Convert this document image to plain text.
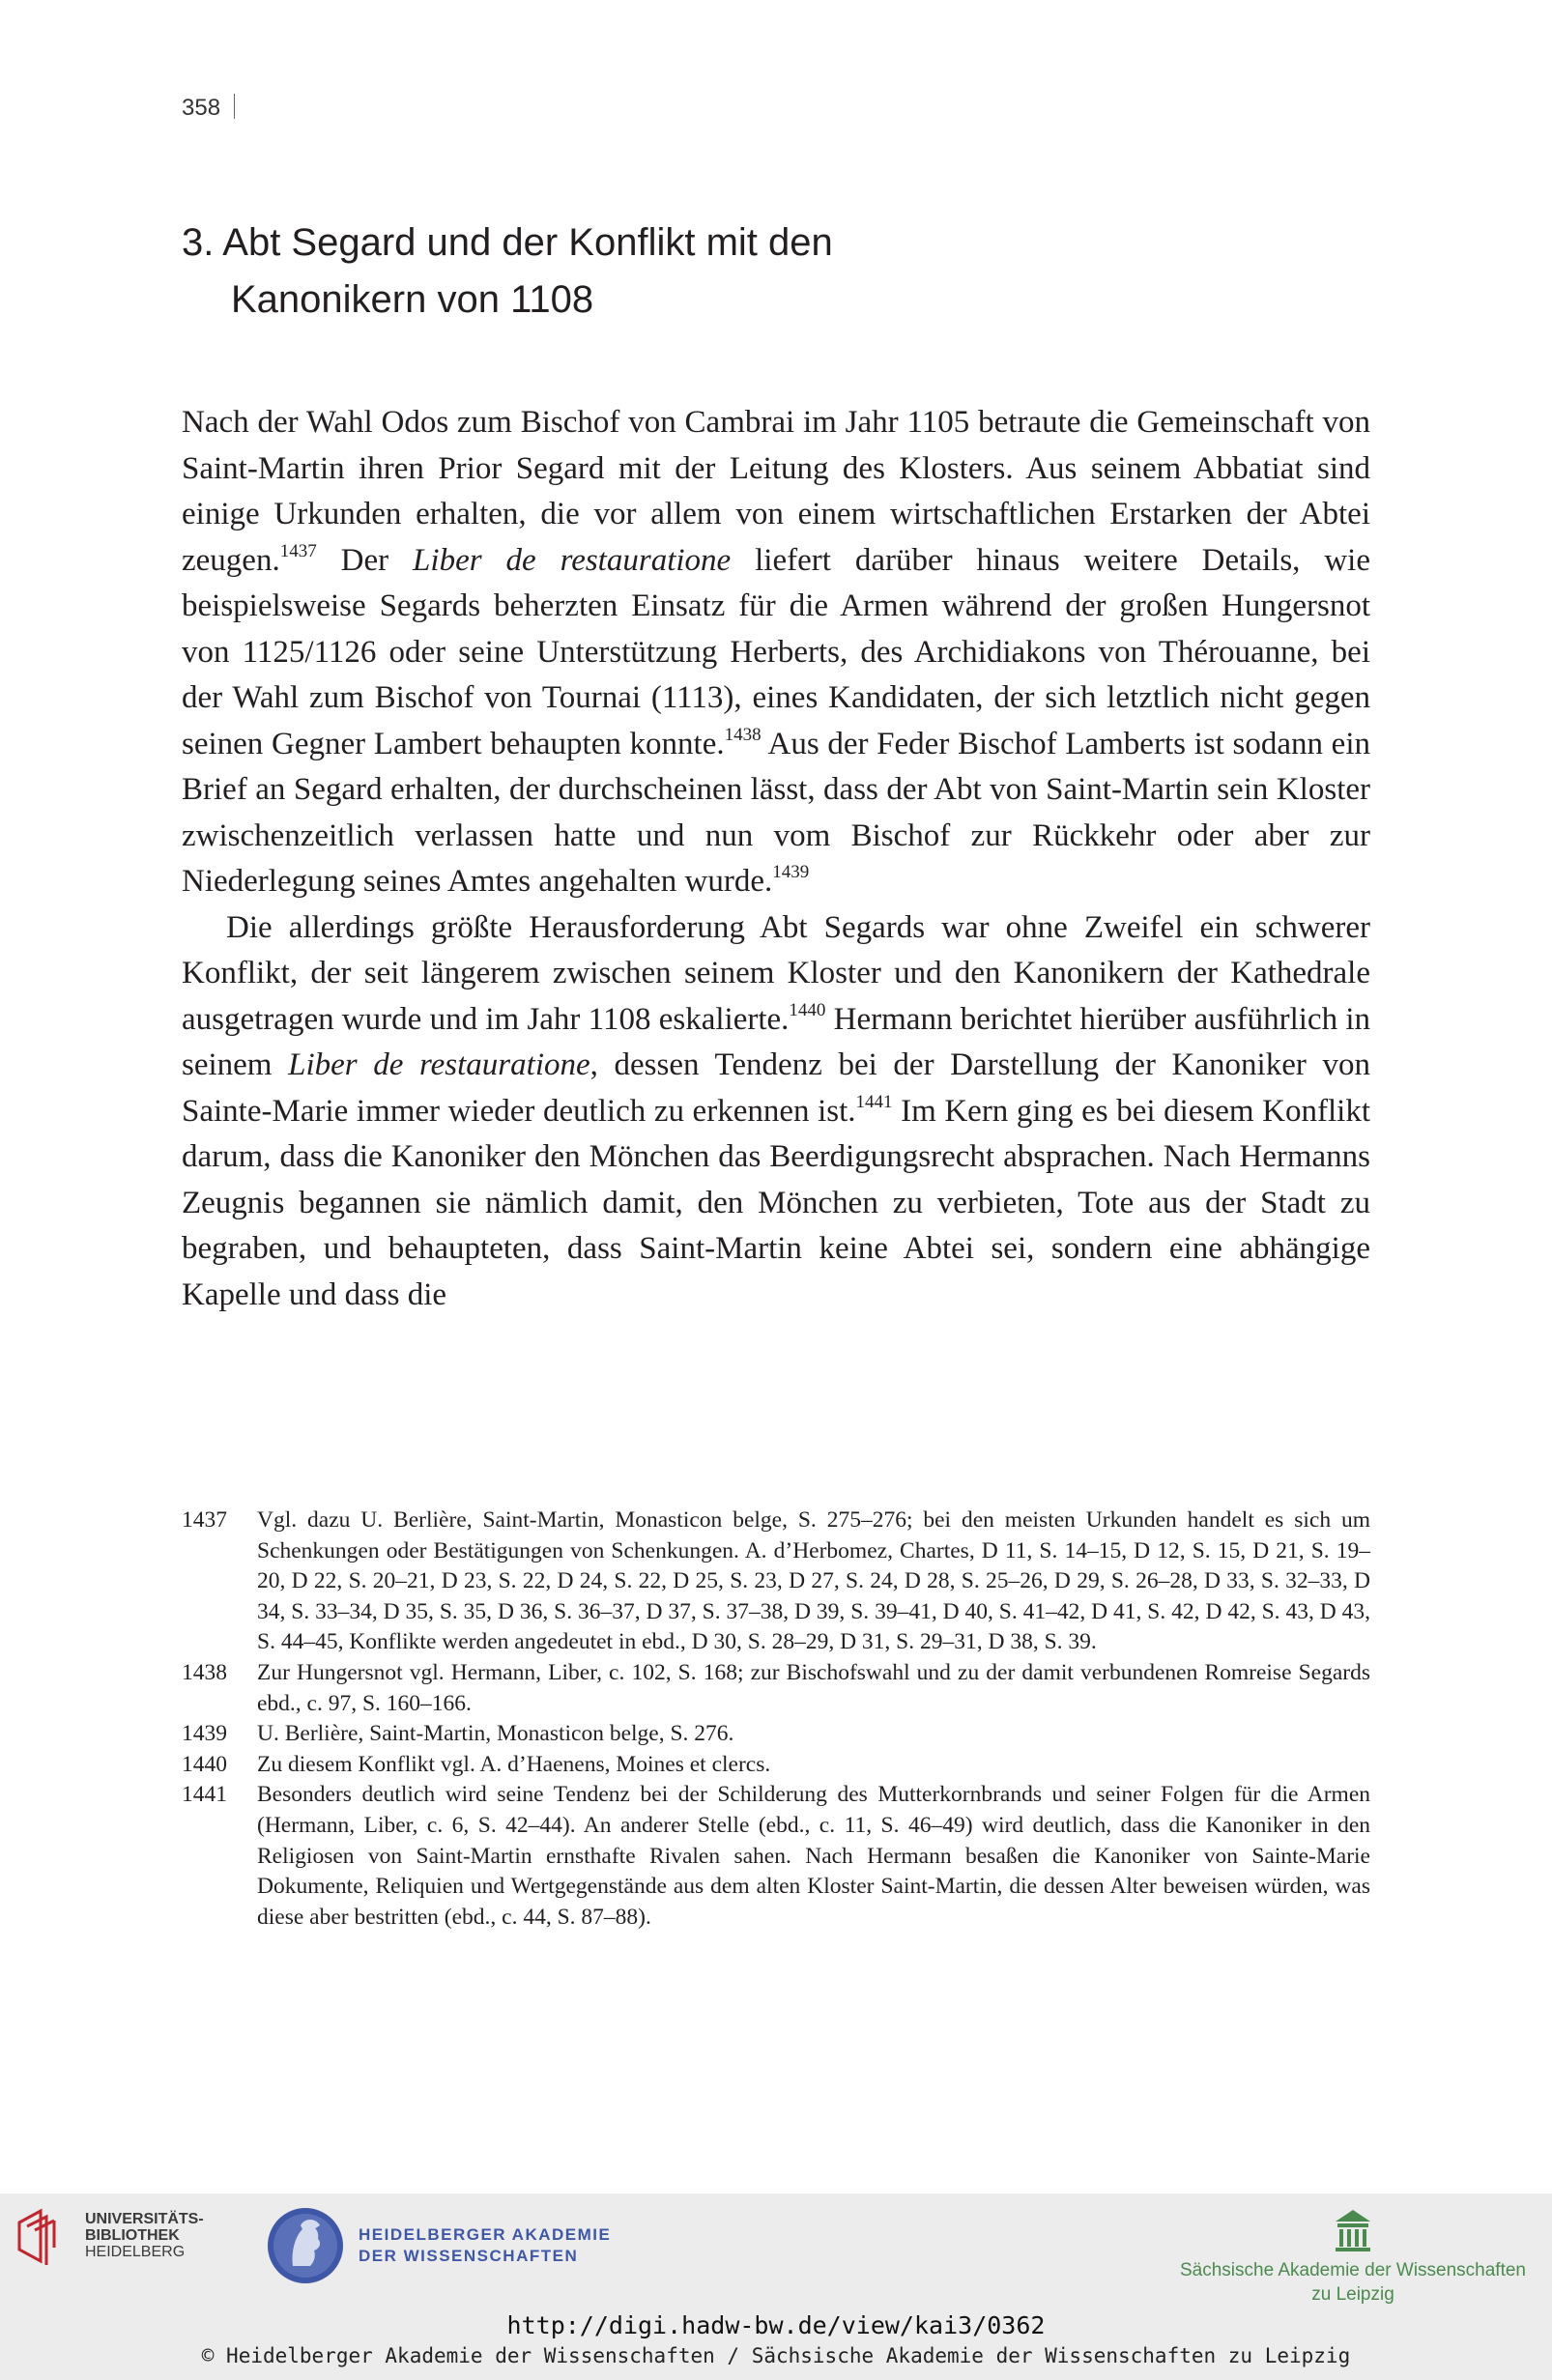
358
3. Abt Segard und der Konflikt mit den
Kanonikern von 1108

Nach der Wahl Odos zum Bischof von Cambrai im Jahr 1105 betraute die Gemeinschaft von Saint-Martin ihren Prior Segard mit der Leitung des Klosters. Aus seinem Abbatiat sind einige Urkunden erhalten, die vor allem von einem wirtschaftlichen Erstarken der Abtei zeugen.$^{1437}$ Der Liber de restauratione liefert darüber hinaus weitere Details, wie beispielsweise Segards beherzten Einsatz für die Armen während der großen Hungersnot von 1125/1126 oder seine Unterstützung Herberts, des Archidiakons von Thérouanne, bei der Wahl zum Bischof von Tournai (1113), eines Kandidaten, der sich letztlich nicht gegen seinen Gegner Lambert behaupten konnte.$^{1438}$ Aus der Feder Bischof Lamberts ist sodann ein Brief an Segard erhalten, der durchscheinen lässt, dass der Abt von Saint-Martin sein Kloster zwischenzeitlich verlassen hatte und nun vom Bischof zur Rückkehr oder aber zur Niederlegung seines Amtes angehalten wurde.$^{1439}$

Die allerdings größte Herausforderung Abt Segards war ohne Zweifel ein schwerer Konflikt, der seit längerem zwischen seinem Kloster und den Kanonikern der Kathedrale ausgetragen wurde und im Jahr 1108 eskalierte.$^{1440}$ Hermann berichtet hierüber ausführlich in seinem Liber de restauratione, dessen Tendenz bei der Darstellung der Kanoniker von Sainte-Marie immer wieder deutlich zu erkennen ist.$^{1441}$ Im Kern ging es bei diesem Konflikt darum, dass die Kanoniker den Mönchen das Beerdigungsrecht absprachen. Nach Hermanns Zeugnis begannen sie nämlich damit, den Mönchen zu verbieten, Tote aus der Stadt zu begraben, und behaupteten, dass Saint-Martin keine Abtei sei, sondern eine abhängige Kapelle und dass die

1437	Vgl. dazu U. Berlière, Saint-Martin, Monasticon belge, S. 275–276; bei den meisten Urkunden handelt es sich um Schenkungen oder Bestätigungen von Schenkungen. A. d’Herbomez, Chartes, D 11, S. 14–15, D 12, S. 15, D 21, S. 19–20, D 22, S. 20–21, D 23, S. 22, D 24, S. 22, D 25, S. 23, D 27, S. 24, D 28, S. 25–26, D 29, S. 26–28, D 33, S. 32–33, D 34, S. 33–34, D 35, S. 35, D 36, S. 36–37, D 37, S. 37–38, D 39, S. 39–41, D 40, S. 41–42, D 41, S. 42, D 42, S. 43, D 43, S. 44–45, Konflikte werden angedeutet in ebd., D 30, S. 28–29, D 31, S. 29–31, D 38, S. 39.
1438	Zur Hungersnot vgl. Hermann, Liber, c. 102, S. 168; zur Bischofswahl und zu der damit verbundenen Romreise Segards ebd., c. 97, S. 160–166.
1439	U. Berlière, Saint-Martin, Monasticon belge, S. 276.
1440	Zu diesem Konflikt vgl. A. d’Haenens, Moines et clercs.
1441	Besonders deutlich wird seine Tendenz bei der Schilderung des Mutterkornbrands und seiner Folgen für die Armen (Hermann, Liber, c. 6, S. 42–44). An anderer Stelle (ebd., c. 11, S. 46–49) wird deutlich, dass die Kanoniker in den Religiosen von Saint-Martin ernsthafte Rivalen sahen. Nach Hermann besaßen die Kanoniker von Sainte-Marie Dokumente, Reliquien und Wertgegenstände aus dem alten Kloster Saint-Martin, die dessen Alter beweisen würden, was diese aber bestritten (ebd., c. 44, S. 87–88).
UNIVERSITÄTS-
BIBLIOTHEK
HEIDELBERG
HEIDELBERGER AKADEMIE
DER WISSENSCHAFTEN
Sächsische Akademie der Wissenschaften
zu Leipzig
http://digi.hadw-bw.de/view/kai3/0362
© Heidelberger Akademie der Wissenschaften / Sächsische Akademie der Wissenschaften zu Leipzig
